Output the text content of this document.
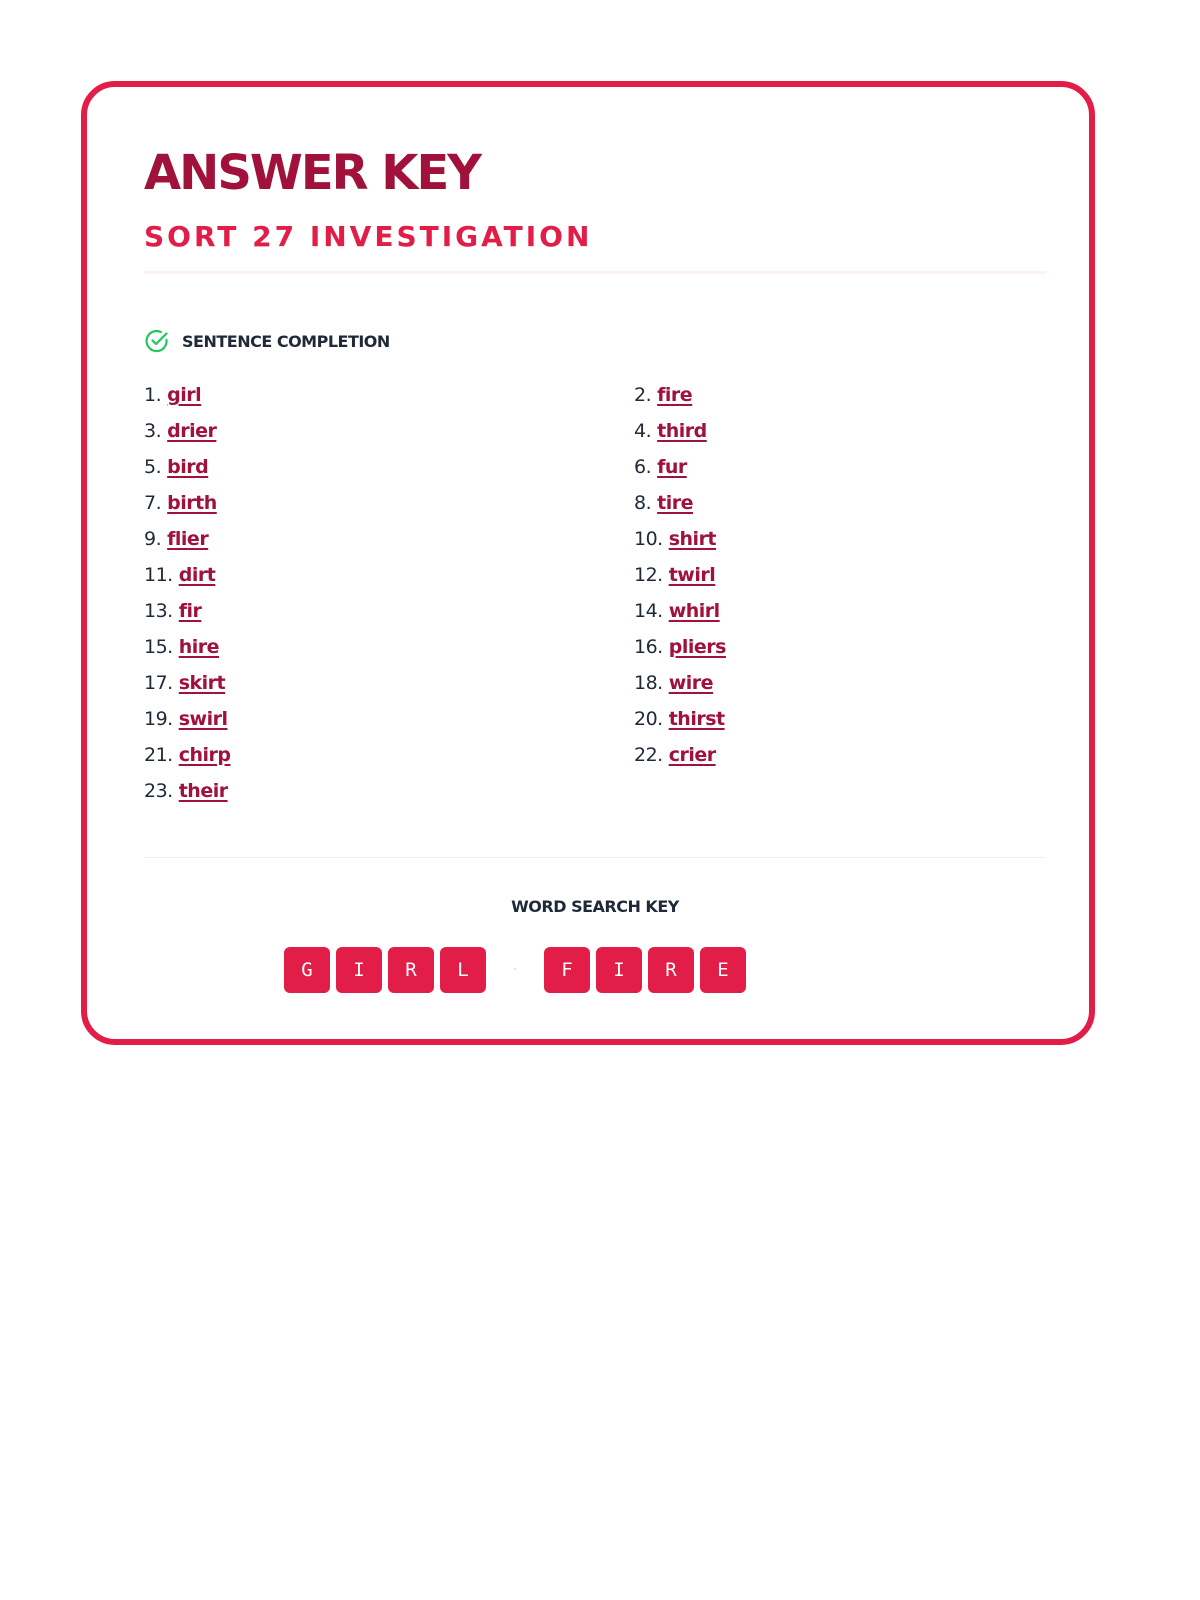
ANSWER KEY
SORT 27 INVESTIGATION
SENTENCE COMPLETION
1. girl	2. fire
3. drier	4. third
5. bird	6. fur
7. birth	8. tire
9. flier	10. shirt
11. dirt	12. twirl
13. fir	14. whirl
15. hire	16. pliers
17. skirt	18. wire
19. swirl	20. thirst
21. chirp	22. crier
23. their
WORD SEARCH KEY
G	I	R	L	·	F	I	R	E
